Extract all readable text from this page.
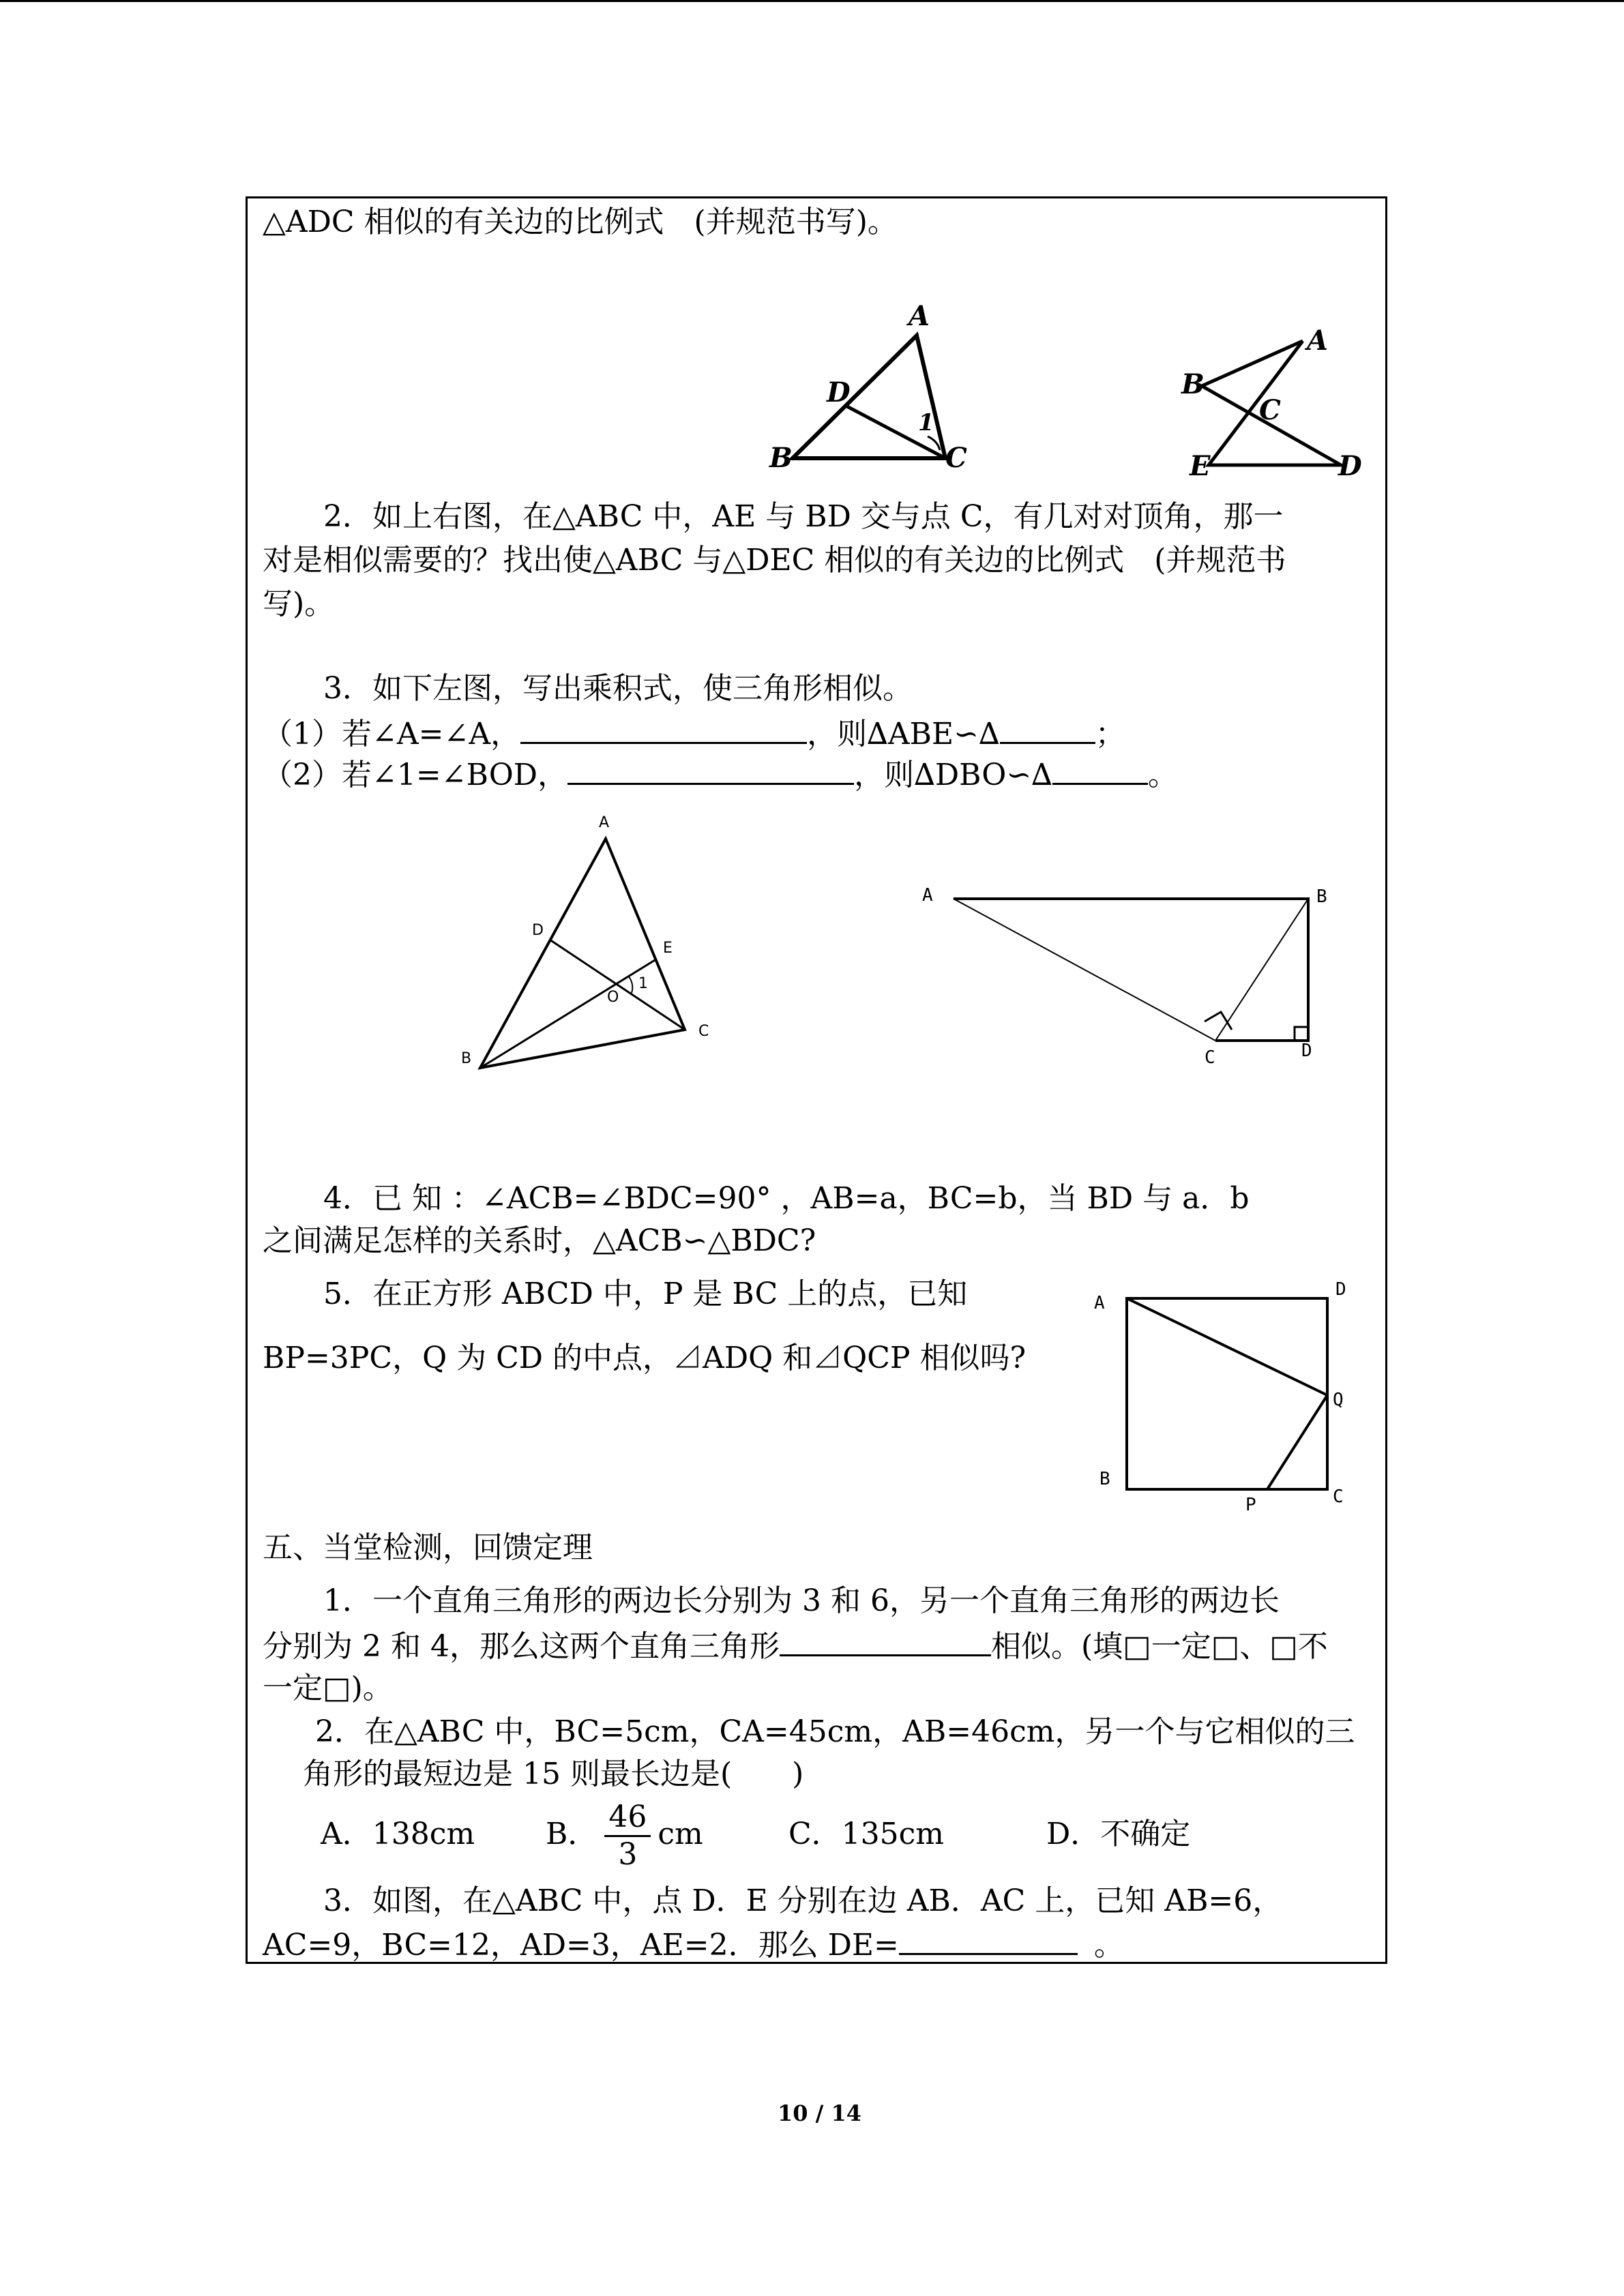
△ADC 相似的有关边的比例式　(并规范书写)。
2．如上右图，在△ABC 中，AE 与 BD 交与点 C，有几对对顶角，那一
对是相似需要的？找出使△ABC 与△DEC 相似的有关边的比例式　(并规范书
写)。
3．如下左图，写出乘积式，使三角形相似。
（1）若∠A=∠A，	，则∆ABE∽∆	；
（2）若∠1=∠BOD，	，则∆DBO∽∆	。
4．已 知 ：∠ACB=∠BDC=90° ，AB=a，BC=b，当 BD 与 a．b
之间满足怎样的关系时，△ACB∽△BDC?
5．在正方形 ABCD 中，P 是 BC 上的点，已知
BP=3PC，Q 为 CD 的中点，⊿ADQ 和⊿QCP 相似吗?
五、当堂检测，回馈定理
1．一个直角三角形的两边长分别为 3 和 6，另一个直角三角形的两边长
分别为 2 和 4，那么这两个直角三角形	相似。(填□一定□、□不
一定□)。
2．在△ABC 中，BC=5cm，CA=45cm，AB=46cm，另一个与它相似的三
角形的最短边是 15 则最长边是(　　)
A．138cm B． $\frac{46}{3}$ cm	C．135cm	D．不确定
3．如图，在△ABC 中，点 D．E 分别在边 AB．AC 上，已知 AB=6，
AC=9，BC=12，AD=3，AE=2．那么 DE=	。
A
D
B	C
1
A
B
C
E	D
A
D
E
O
1
B
C
A	B
C	D
A
D
Q
B
C
P
10 / 14
